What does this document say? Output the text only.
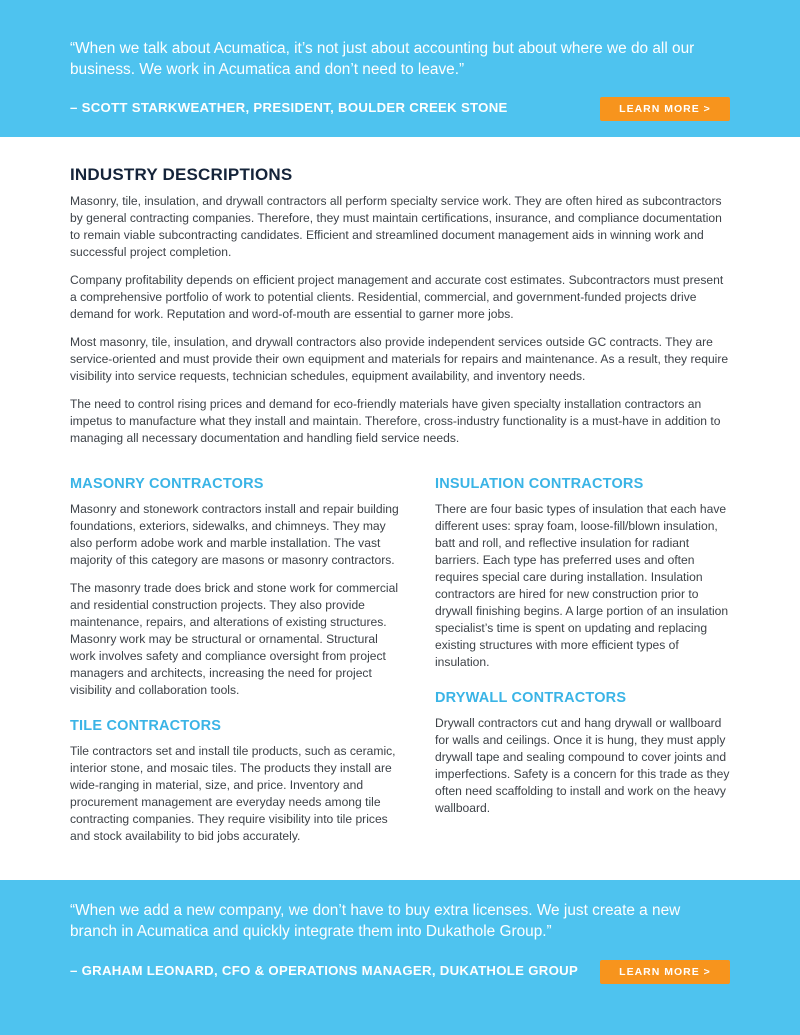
“When we talk about Acumatica, it’s not just about accounting but about where we do all our business. We work in Acumatica and don’t need to leave.”

– SCOTT STARKWEATHER, PRESIDENT, BOULDER CREEK STONE	LEARN MORE >
INDUSTRY DESCRIPTIONS

Masonry, tile, insulation, and drywall contractors all perform specialty service work. They are often hired as subcontractors by general contracting companies. Therefore, they must maintain certifications, insurance, and compliance documentation to remain viable subcontracting candidates. Efficient and streamlined document management aids in winning work and successful project completion.

Company profitability depends on efficient project management and accurate cost estimates. Subcontractors must present a comprehensive portfolio of work to potential clients. Residential, commercial, and government-funded projects drive demand for work. Reputation and word-of-mouth are essential to garner more jobs.

Most masonry, tile, insulation, and drywall contractors also provide independent services outside GC contracts. They are service-oriented and must provide their own equipment and materials for repairs and maintenance. As a result, they require visibility into service requests, technician schedules, equipment availability, and inventory needs.

The need to control rising prices and demand for eco-friendly materials have given specialty installation contractors an impetus to manufacture what they install and maintain. Therefore, cross-industry functionality is a must-have in addition to managing all necessary documentation and handling field service needs.

MASONRY CONTRACTORS

Masonry and stonework contractors install and repair building foundations, exteriors, sidewalks, and chimneys. They may also perform adobe work and marble installation. The vast majority of this category are masons or masonry contractors.

The masonry trade does brick and stone work for commercial and residential construction projects. They also provide maintenance, repairs, and alterations of existing structures. Masonry work may be structural or ornamental. Structural work involves safety and compliance oversight from project managers and architects, increasing the need for project visibility and collaboration tools.

TILE CONTRACTORS

Tile contractors set and install tile products, such as ceramic, interior stone, and mosaic tiles. The products they install are wide-ranging in material, size, and price. Inventory and procurement management are everyday needs among tile contracting companies. They require visibility into tile prices and stock availability to bid jobs accurately.

INSULATION CONTRACTORS

There are four basic types of insulation that each have different uses: spray foam, loose-fill/blown insulation, batt and roll, and reflective insulation for radiant barriers. Each type has preferred uses and often requires special care during installation. Insulation contractors are hired for new construction prior to drywall finishing begins. A large portion of an insulation specialist’s time is spent on updating and replacing existing structures with more efficient types of insulation.

DRYWALL CONTRACTORS

Drywall contractors cut and hang drywall or wallboard for walls and ceilings. Once it is hung, they must apply drywall tape and sealing compound to cover joints and imperfections. Safety is a concern for this trade as they often need scaffolding to install and work on the heavy wallboard.

“When we add a new company, we don’t have to buy extra licenses. We just create a new branch in Acumatica and quickly integrate them into Dukathole Group.”

– GRAHAM LEONARD, CFO & OPERATIONS MANAGER, DUKATHOLE GROUP	LEARN MORE >
